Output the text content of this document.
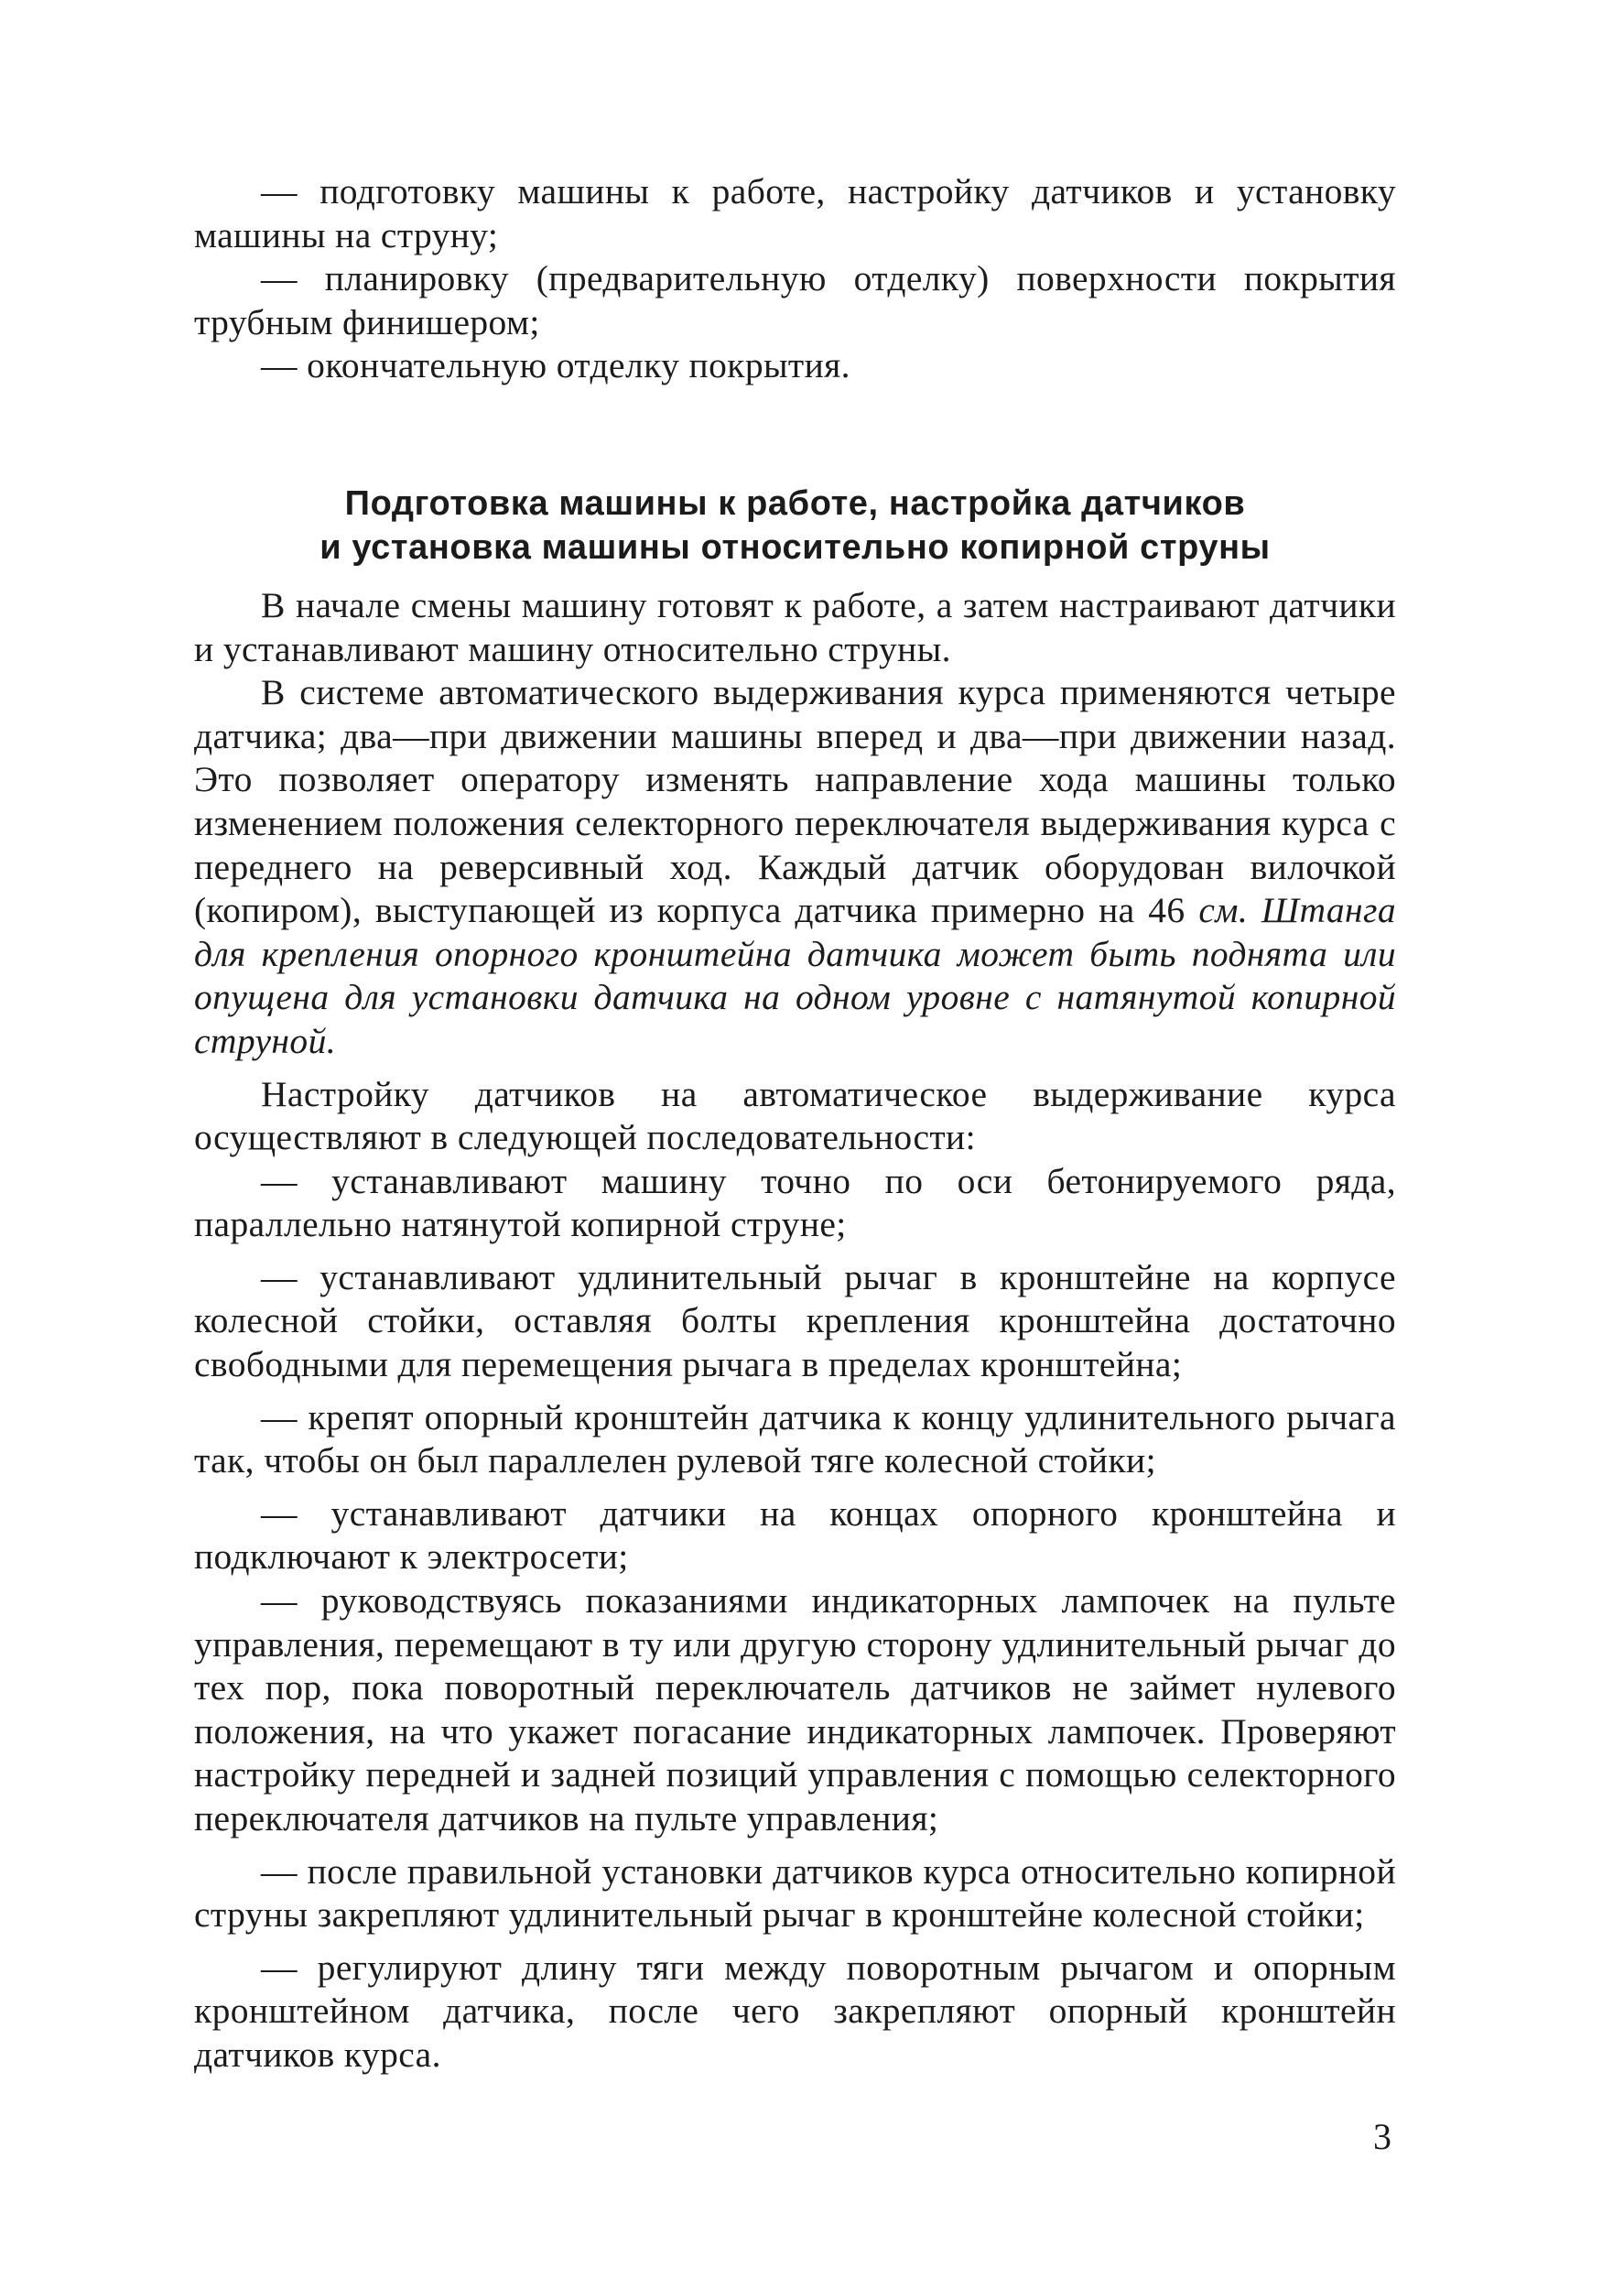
— подготовку машины к работе, настройку датчиков и установку машины на струну;

— планировку (предварительную отделку) поверхности покрытия трубным финишером;

— окончательную отделку покрытия.

Подготовка машины к работе, настройка датчиков
и установка машины относительно копирной струны

В начале смены машину готовят к работе, а затем настраивают датчики и устанавливают машину относительно струны.

В системе автоматического выдерживания курса применяются четыре датчика; два—при движении машины вперед и два—при движении назад. Это позволяет оператору изменять направление хода машины только изменением положения селекторного переключателя выдерживания курса с переднего на реверсивный ход. Каждый датчик оборудован вилочкой (копиром), выступающей из корпуса датчика примерно на 46 см. Штанга для крепления опорного кронштейна датчика может быть поднята или опущена для установки датчика на одном уровне с натянутой копирной струной.

Настройку датчиков на автоматическое выдерживание курса осуществляют в следующей последовательности:

— устанавливают машину точно по оси бетонируемого ряда, параллельно натянутой копирной струне;

— устанавливают удлинительный рычаг в кронштейне на корпусе колесной стойки, оставляя болты крепления кронштейна достаточно свободными для перемещения рычага в пределах кронштейна;

— крепят опорный кронштейн датчика к концу удлинительного рычага так, чтобы он был параллелен рулевой тяге колесной стойки;

— устанавливают датчики на концах опорного кронштейна и подключают к электросети;

— руководствуясь показаниями индикаторных лампочек на пульте управления, перемещают в ту или другую сторону удлинительный рычаг до тех пор, пока поворотный переключатель датчиков не займет нулевого положения, на что укажет погасание индикаторных лампочек. Проверяют настройку передней и задней позиций управления с помощью селекторного переключателя датчиков на пульте управления;

— после правильной установки датчиков курса относительно копирной струны закрепляют удлинительный рычаг в кронштейне колесной стойки;

— регулируют длину тяги между поворотным рычагом и опорным кронштейном датчика, после чего закрепляют опорный кронштейн датчиков курса.

3
